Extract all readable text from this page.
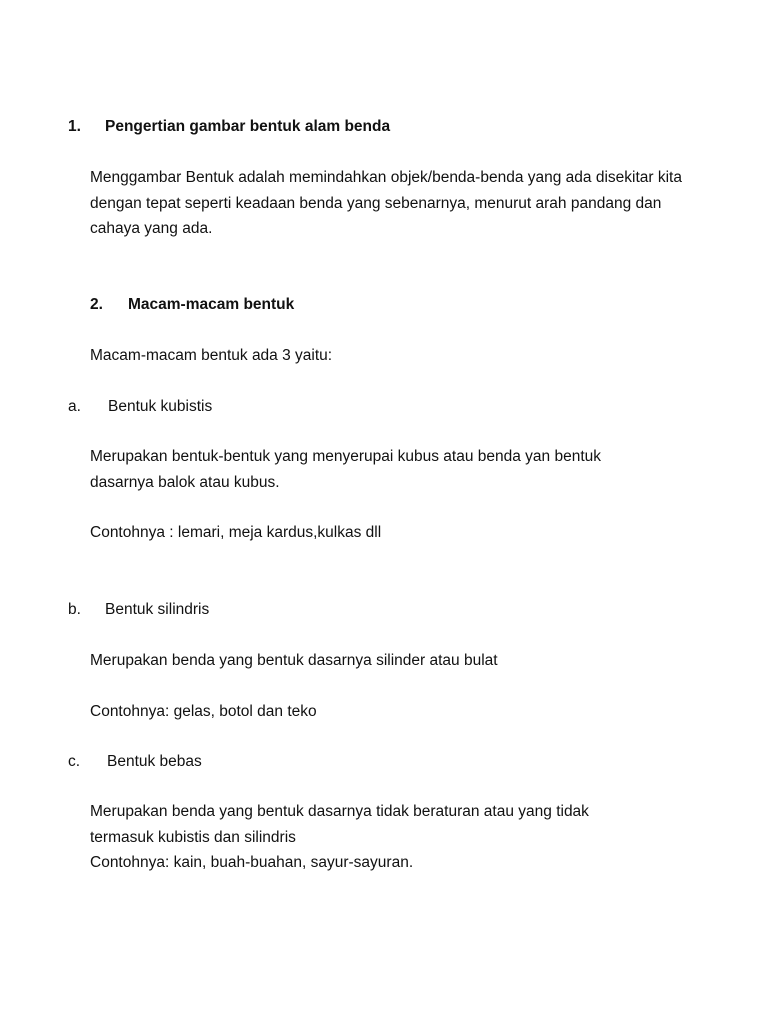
1. Pengertian gambar bentuk alam benda
Menggambar Bentuk adalah memindahkan objek/benda-benda yang ada disekitar kita dengan tepat seperti keadaan benda yang sebenarnya, menurut arah pandang dan cahaya yang ada.
2. Macam-macam bentuk
Macam-macam bentuk ada 3 yaitu:
a. Bentuk kubistis
Merupakan bentuk-bentuk yang menyerupai kubus atau benda yan bentuk dasarnya balok atau kubus.
Contohnya : lemari, meja kardus,kulkas dll
b. Bentuk silindris
Merupakan benda yang bentuk dasarnya silinder atau bulat
Contohnya: gelas, botol dan teko
c. Bentuk bebas
Merupakan benda yang bentuk dasarnya tidak beraturan atau yang tidak termasuk kubistis dan silindris
Contohnya: kain, buah-buahan, sayur-sayuran.
